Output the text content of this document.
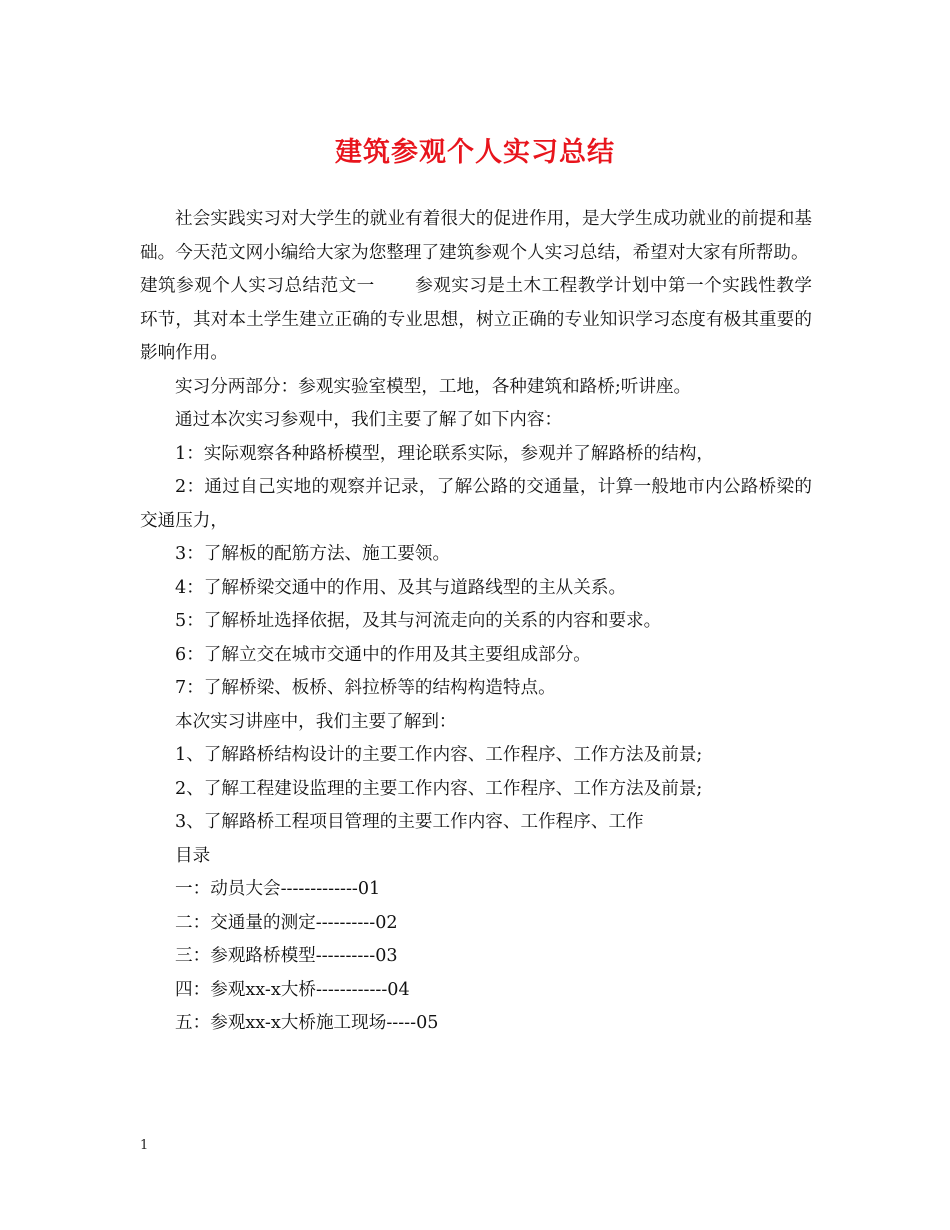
建筑参观个人实习总结

社会实践实习对大学生的就业有着很大的促进作用，是大学生成功就业的前提和基础。今天范文网小编给大家为您整理了建筑参观个人实习总结，希望对大家有所帮助。

建筑参观个人实习总结范文一 参观实习是土木工程教学计划中第一个实践性教学环节，其对本土学生建立正确的专业思想，树立正确的专业知识学习态度有极其重要的影响作用。

实习分两部分：参观实验室模型，工地，各种建筑和路桥;听讲座。

通过本次实习参观中，我们主要了解了如下内容：

1：实际观察各种路桥模型，理论联系实际，参观并了解路桥的结构，

2：通过自己实地的观察并记录，了解公路的交通量，计算一般地市内公路桥梁的交通压力，

3：了解板的配筋方法、施工要领。

4：了解桥梁交通中的作用、及其与道路线型的主从关系。

5：了解桥址选择依据，及其与河流走向的关系的内容和要求。

6：了解立交在城市交通中的作用及其主要组成部分。

7：了解桥梁、板桥、斜拉桥等的结构构造特点。

本次实习讲座中，我们主要了解到：

1、了解路桥结构设计的主要工作内容、工作程序、工作方法及前景;

2、了解工程建设监理的主要工作内容、工作程序、工作方法及前景;

3、了解路桥工程项目管理的主要工作内容、工作程序、工作

目录

一：动员大会-------------01

二：交通量的测定----------02

三：参观路桥模型----------03

四：参观xx-x大桥------------04

五：参观xx-x大桥施工现场-----05

1
